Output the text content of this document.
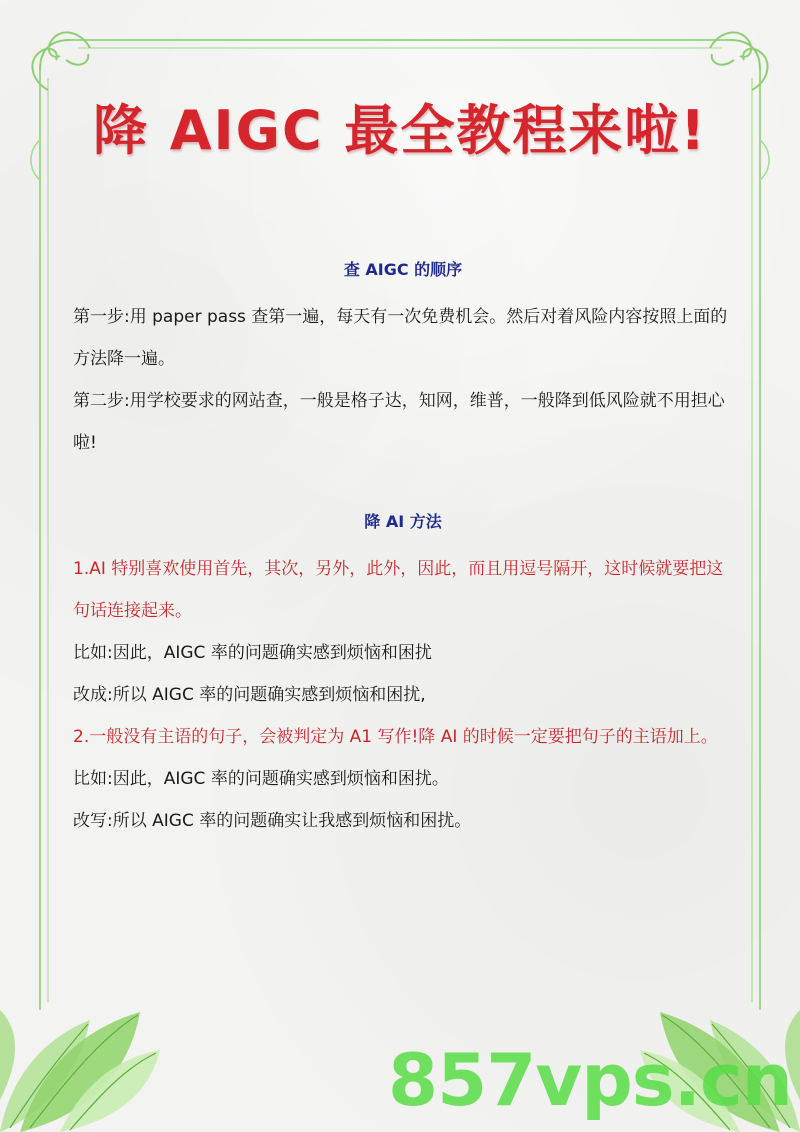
降 AIGC 最全教程来啦!
查 AIGC 的顺序

第一步:用 paper pass 查第一遍，每天有一次免费机会。然后对着风险内容按照上面的方法降一遍。

第二步:用学校要求的网站查，一般是格子达，知网，维普，一般降到低风险就不用担心啦!

降 AI 方法

1.AI 特别喜欢使用首先，其次，另外，此外，因此，而且用逗号隔开，这时候就要把这句话连接起来。

比如:因此，AIGC 率的问题确实感到烦恼和困扰

改成:所以 AIGC 率的问题确实感到烦恼和困扰,

2.一般没有主语的句子，会被判定为 A1 写作!降 AI 的时候一定要把句子的主语加上。

比如:因此，AIGC 率的问题确实感到烦恼和困扰。

改写:所以 AIGC 率的问题确实让我感到烦恼和困扰。

857vps.cn
